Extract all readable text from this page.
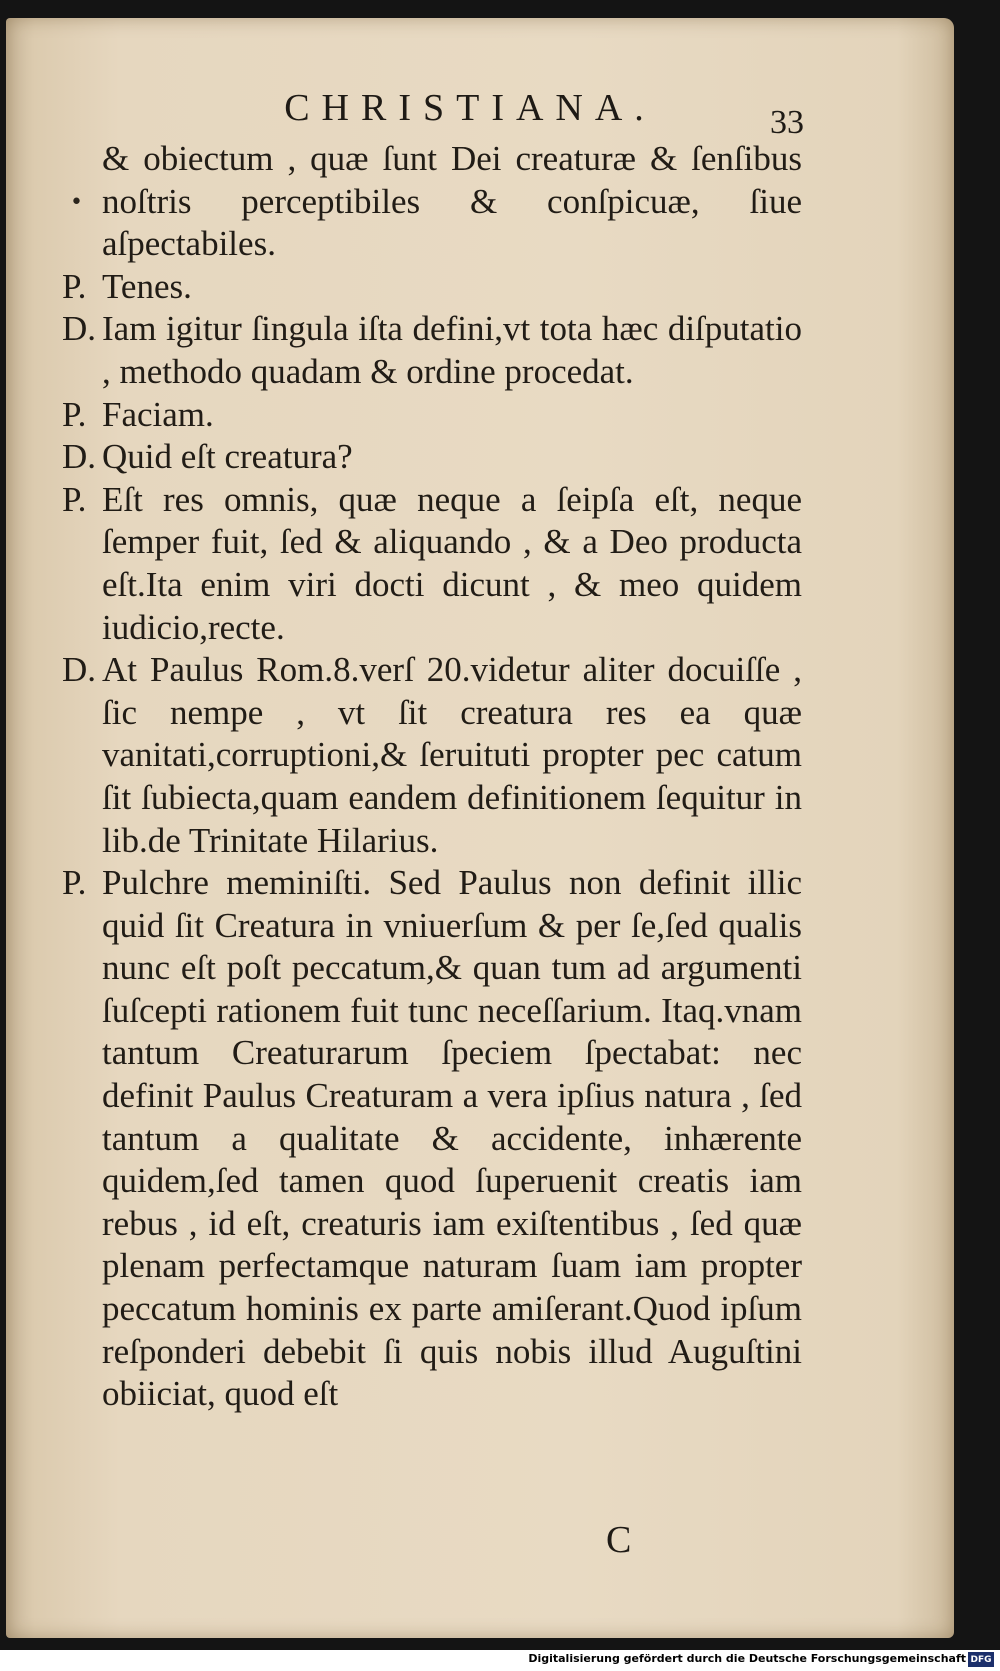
CHRISTIANA.	33
•
& obiectum , quæ ſunt Dei creaturæ & ſenſibus noſtris perceptibiles & conſpicuæ, ſiue aſpectabiles.
P. Tenes.
D. Iam igitur ſingula iſta defini,vt tota hæc diſputatio , methodo quadam & ordine procedat.
P. Faciam.
D. Quid eſt creatura?
P. Eſt res omnis, quæ neque a ſeipſa eſt, neque ſemper fuit, ſed & aliquando , & a Deo producta eſt.Ita enim viri docti dicunt , & meo quidem iudicio,recte.
D. At Paulus Rom.8.verſ 20.videtur aliter docuiſſe , ſic nempe , vt ſit creatura res ea quæ vanitati,corruptioni,& ſeruituti propter pec catum ſit ſubiecta,quam eandem definitionem ſequitur in lib.de Trinitate Hilarius.
P. Pulchre meminiſti. Sed Paulus non definit illic quid ſit Creatura in vniuerſum & per ſe,ſed qualis nunc eſt poſt peccatum,& quan tum ad argumenti ſuſcepti rationem fuit tunc neceſſarium. Itaq.vnam tantum Creaturarum ſpeciem ſpectabat: nec definit Paulus Creaturam a vera ipſius natura , ſed tantum a qualitate & accidente, inhærente quidem,ſed tamen quod ſuperuenit creatis iam rebus , id eſt, creaturis iam exiſtentibus , ſed quæ plenam perfectamque naturam ſuam iam propter peccatum hominis ex parte amiſerant.Quod ipſum reſponderi debebit ſi quis nobis illud Auguſtini obiiciat, quod eſt
C
Digitalisierung gefördert durch die Deutsche Forschungsgemeinschaft DFG
